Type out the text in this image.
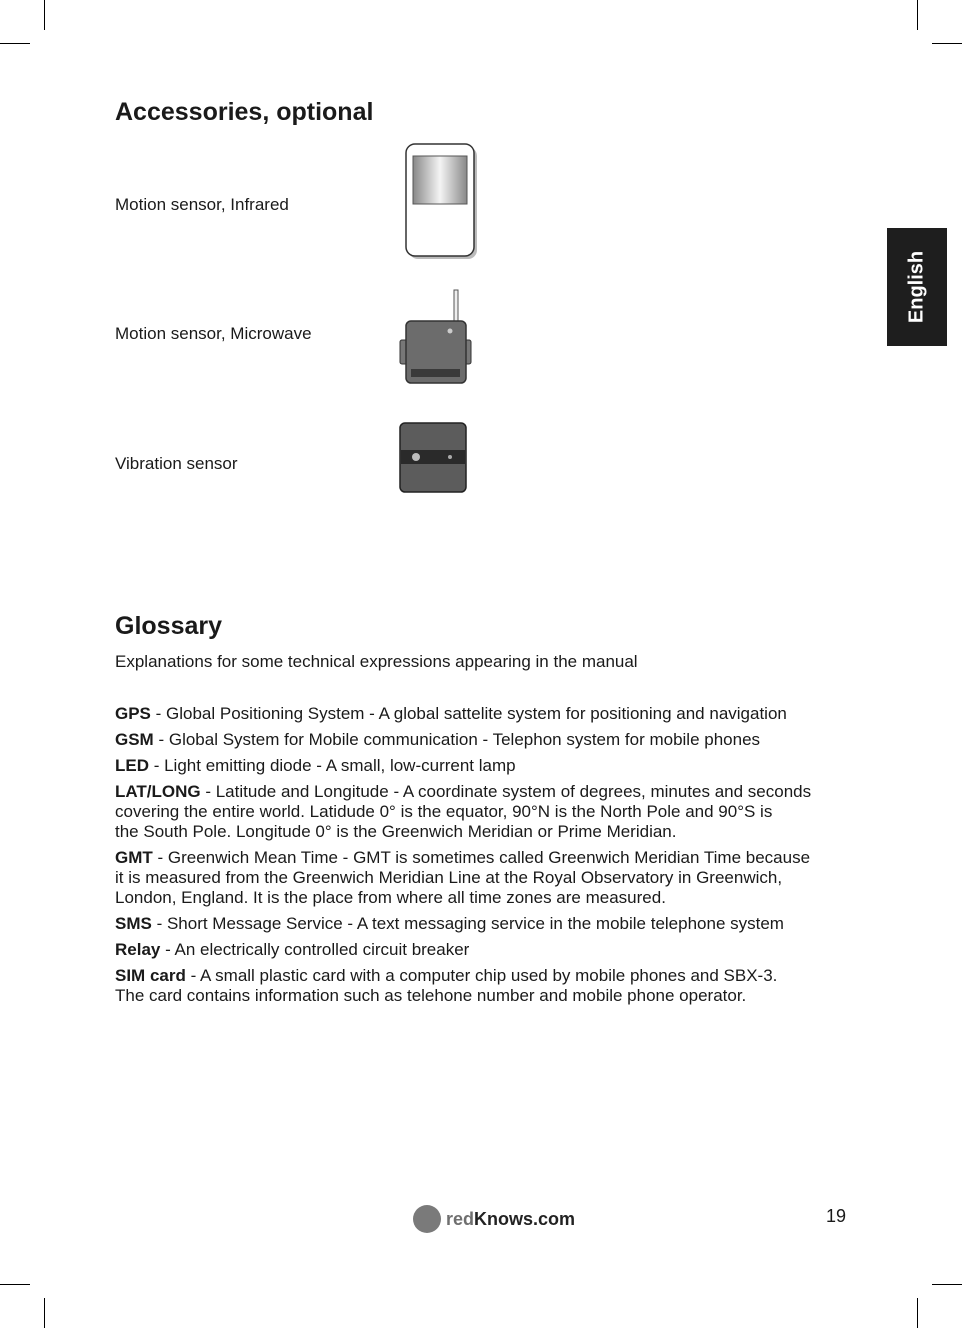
Accessories, optional
Motion sensor, Infrared
Motion sensor, Microwave
Vibration sensor
English
Glossary
Explanations for some technical expressions appearing in the manual
GPS - Global Positioning System - A global sattelite system for positioning and navigation
GSM - Global System for Mobile communication - Telephon system for mobile phones
LED - Light emitting diode - A small, low-current lamp
LAT/LONG - Latitude and Longitude - A coordinate system of degrees, minutes and seconds
covering the entire world. Latidude 0° is the equator, 90°N is the North Pole and 90°S is
the South Pole. Longitude 0° is the Greenwich Meridian or Prime Meridian.
GMT - Greenwich Mean Time - GMT is sometimes called Greenwich Meridian Time because
it is measured from the Greenwich Meridian Line at the Royal Observatory in Greenwich,
London, England. It is the place from where all time zones are measured.
SMS - Short Message Service - A text messaging service in the mobile telephone system
Relay - An electrically controlled circuit breaker
SIM card - A small plastic card with a computer chip used by mobile phones and SBX-3.
The card contains information such as telehone number and mobile phone operator.
red Knows.com	19
